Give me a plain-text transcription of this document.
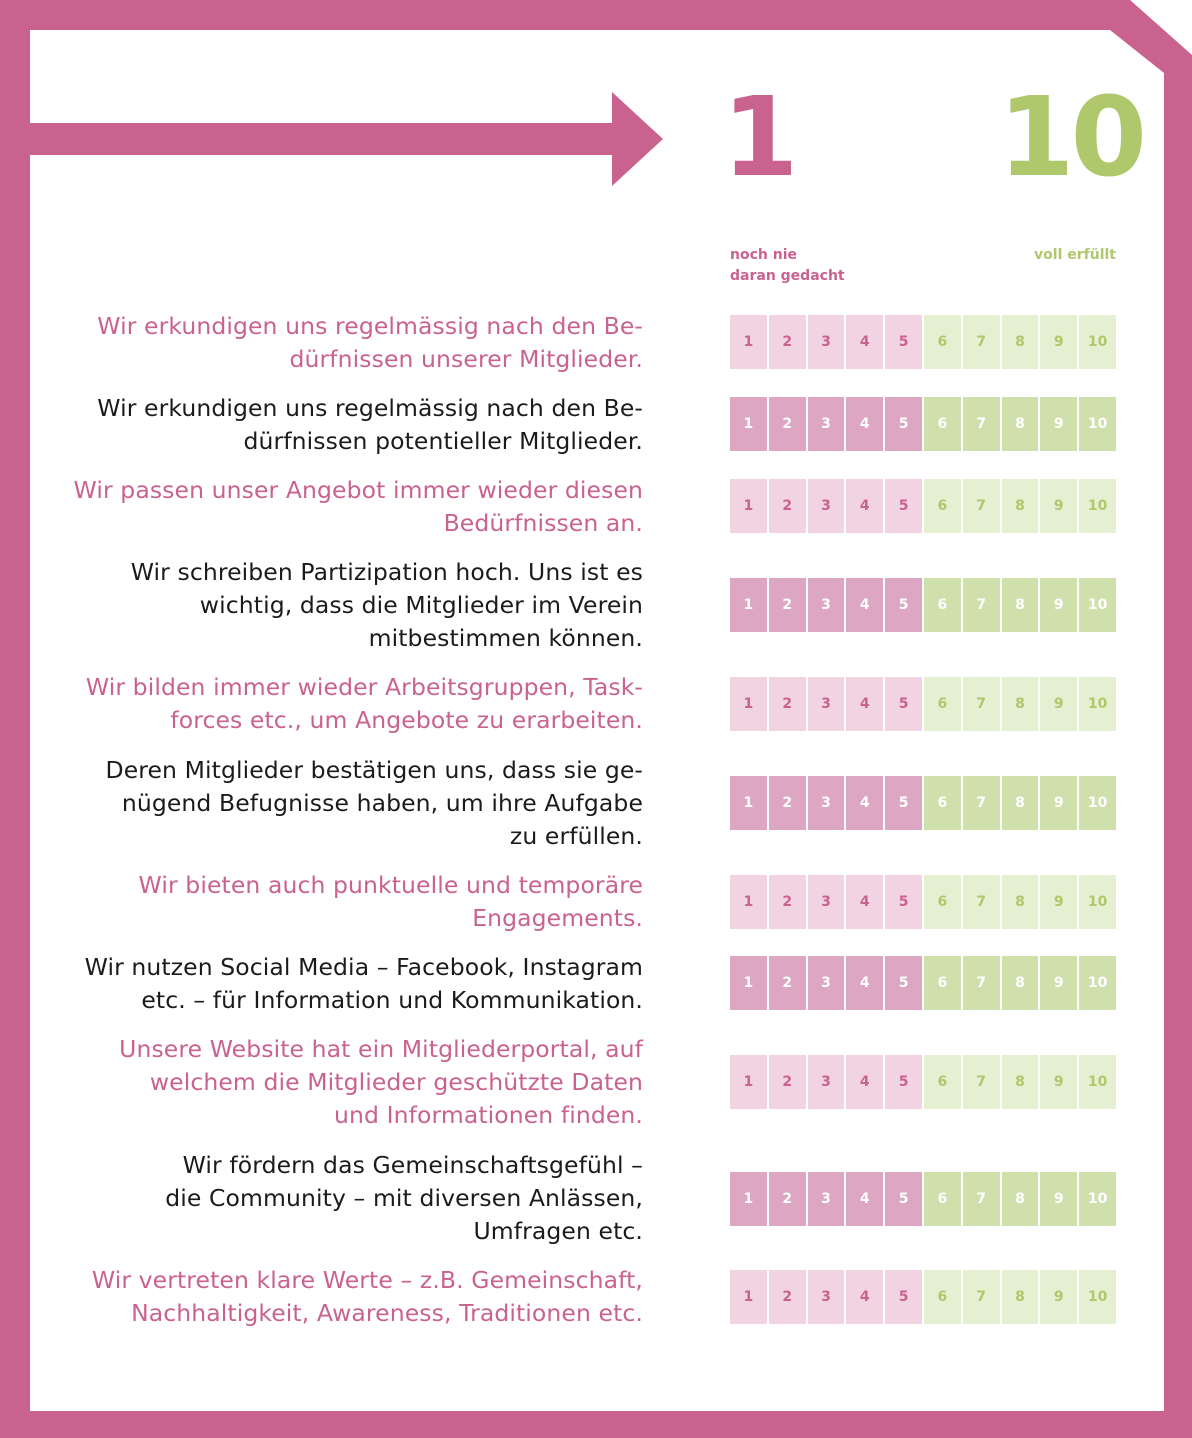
1 10
noch nie
daran gedacht
voll erfüllt
Wir erkundigen uns regelmässig nach den Be-
dürfnissen unserer Mitglieder.
1	2	3	4	5	6	7	8	9	10
Wir erkundigen uns regelmässig nach den Be-
dürfnissen potentieller Mitglieder.
1	2	3	4	5	6	7	8	9	10
Wir passen unser Angebot immer wieder diesen
Bedürfnissen an.
1	2	3	4	5	6	7	8	9	10
Wir schreiben Partizipation hoch. Uns ist es
wichtig, dass die Mitglieder im Verein
mitbestimmen können.
1	2	3	4	5	6	7	8	9	10
Wir bilden immer wieder Arbeitsgruppen, Task-
forces etc., um Angebote zu erarbeiten.
1	2	3	4	5	6	7	8	9	10
Deren Mitglieder bestätigen uns, dass sie ge-
nügend Befugnisse haben, um ihre Aufgabe
zu erfüllen.
1	2	3	4	5	6	7	8	9	10
Wir bieten auch punktuelle und temporäre
Engagements.
1	2	3	4	5	6	7	8	9	10
Wir nutzen Social Media – Facebook, Instagram
etc. – für Information und Kommunikation.
1	2	3	4	5	6	7	8	9	10
Unsere Website hat ein Mitgliederportal, auf
welchem die Mitglieder geschützte Daten
und Informationen finden.
1	2	3	4	5	6	7	8	9	10
Wir fördern das Gemeinschaftsgefühl –
die Community – mit diversen Anlässen,
Umfragen etc.
1	2	3	4	5	6	7	8	9	10
Wir vertreten klare Werte – z.B. Gemeinschaft,
Nachhaltigkeit, Awareness, Traditionen etc.
1	2	3	4	5	6	7	8	9	10
